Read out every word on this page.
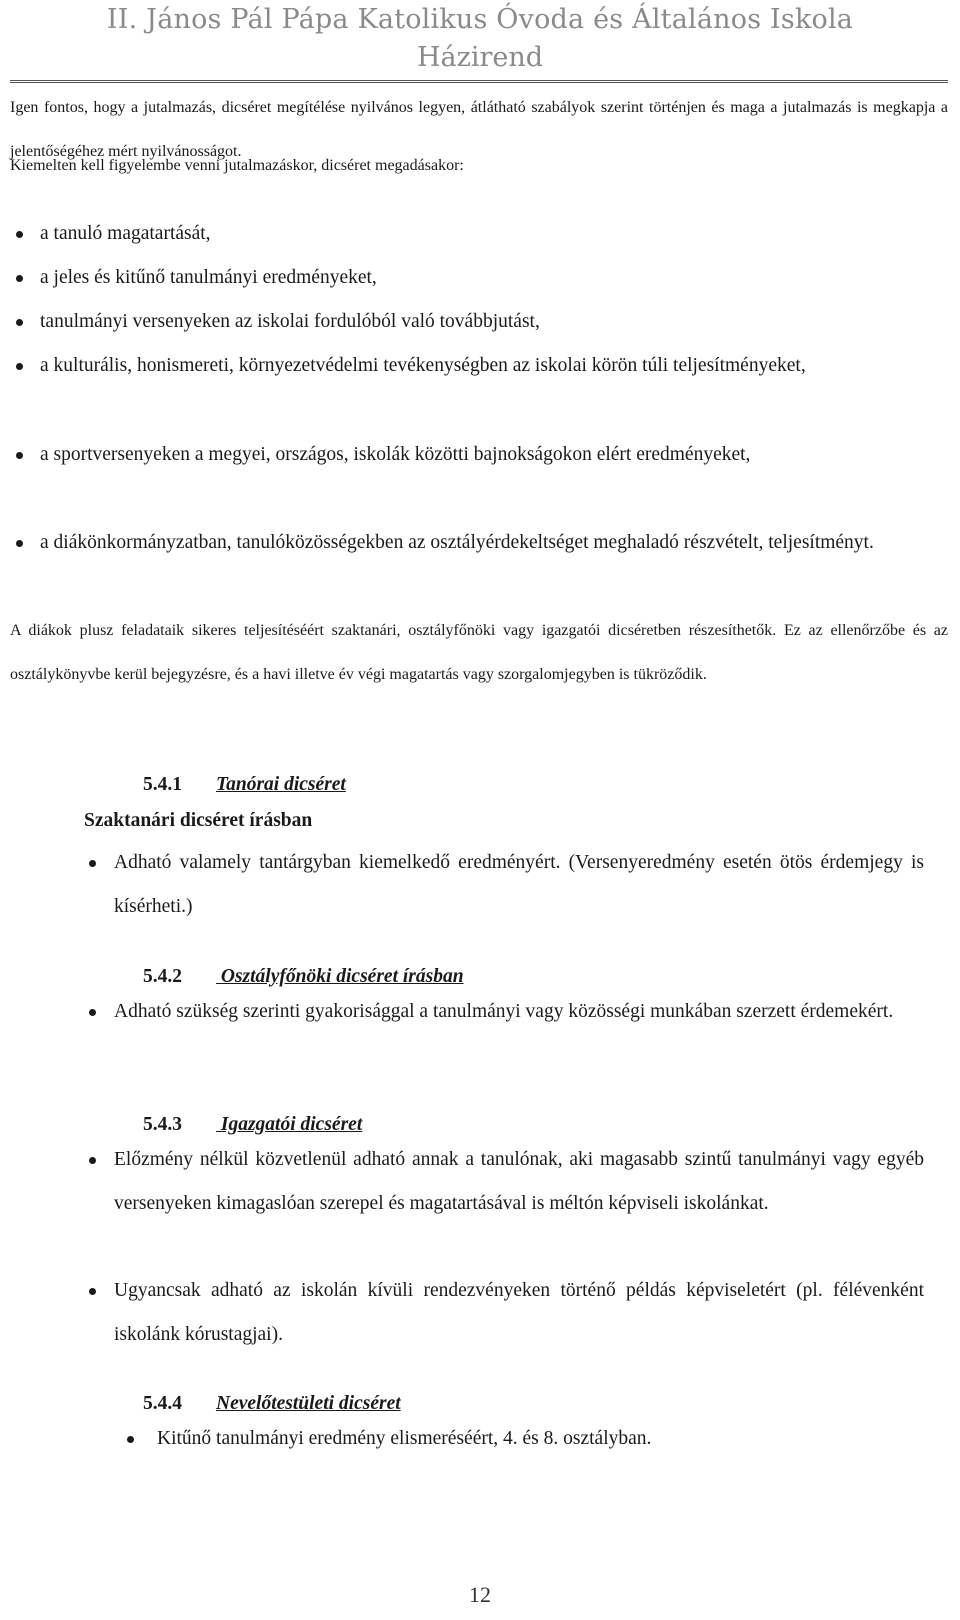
II. János Pál Pápa Katolikus Óvoda és Általános Iskola
Házirend
Igen fontos, hogy a jutalmazás, dicséret megítélése nyilvános legyen, átlátható szabályok szerint történjen és maga a jutalmazás is megkapja a jelentőségéhez mért nyilvánosságot.
Kiemelten kell figyelembe venni jutalmazáskor, dicséret megadásakor:
a tanuló magatartását,
a jeles és kitűnő tanulmányi eredményeket,
tanulmányi versenyeken az iskolai fordulóból való továbbjutást,
a kulturális, honismereti, környezetvédelmi tevékenységben az iskolai körön túli teljesítményeket,
a sportversenyeken a megyei, országos, iskolák közötti bajnokságokon elért eredményeket,
a diákönkormányzatban, tanulóközösségekben az osztályérdekeltséget meghaladó részvételt, teljesítményt.
A diákok plusz feladataik sikeres teljesítéséért szaktanári, osztályfőnöki vagy igazgatói dicséretben részesíthetők. Ez az ellenőrzőbe és az osztálykönyvbe kerül bejegyzésre, és a havi illetve év végi magatartás vagy szorgalomjegyben is tükröződik.
5.4.1 Tanórai dicséret
Szaktanári dicséret írásban
Adható valamely tantárgyban kiemelkedő eredményért. (Versenyeredmény esetén ötös érdemjegy is kísérheti.)
5.4.2 Osztályfőnöki dicséret írásban
Adható szükség szerinti gyakorisággal a tanulmányi vagy közösségi munkában szerzett érdemekért.
5.4.3 Igazgatói dicséret
Előzmény nélkül közvetlenül adható annak a tanulónak, aki magasabb szintű tanulmányi vagy egyéb versenyeken kimagaslóan szerepel és magatartásával is méltón képviseli iskolánkat.
Ugyancsak adható az iskolán kívüli rendezvényeken történő példás képviseletért (pl. félévenként iskolánk kórustagjai).
5.4.4 Nevelőtestületi dicséret
Kitűnő tanulmányi eredmény elismeréséért, 4. és 8. osztályban.
12
